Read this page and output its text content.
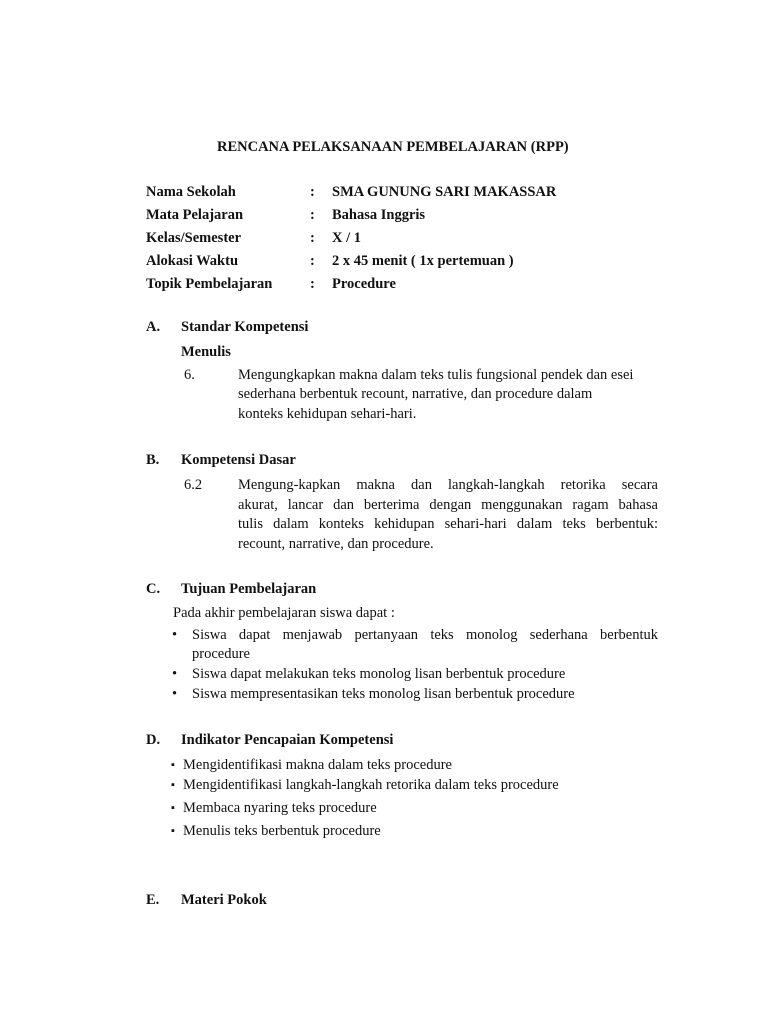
RENCANA PELAKSANAAN PEMBELAJARAN (RPP)
Nama Sekolah	: SMA GUNUNG SARI MAKASSAR
Mata Pelajaran	: Bahasa Inggris
Kelas/Semester	: X / 1
Alokasi Waktu	: 2 x 45 menit ( 1x pertemuan )
Topik Pembelajaran	: Procedure
A. Standar Kompetensi
Menulis
6.	Mengungkapkan makna dalam teks tulis fungsional pendek dan esei
sederhana berbentuk recount, narrative, dan procedure dalam
konteks kehidupan sehari-hari.
B. Kompetensi Dasar
6.2 Mengung-kapkan makna dan langkah-langkah retorika secara
akurat, lancar dan berterima dengan menggunakan ragam bahasa
tulis dalam konteks kehidupan sehari-hari dalam teks berbentuk:
recount, narrative, dan procedure.
C. Tujuan Pembelajaran
Pada akhir pembelajaran siswa dapat :
• Siswa dapat menjawab pertanyaan teks monolog sederhana berbentuk
procedure
• Siswa dapat melakukan teks monolog lisan berbentuk procedure
• Siswa mempresentasikan teks monolog lisan berbentuk procedure
D. Indikator Pencapaian Kompetensi
▪ Mengidentifikasi makna dalam teks procedure
▪ Mengidentifikasi langkah-langkah retorika dalam teks procedure
▪ Membaca nyaring teks procedure
▪ Menulis teks berbentuk procedure
E. Materi Pokok
